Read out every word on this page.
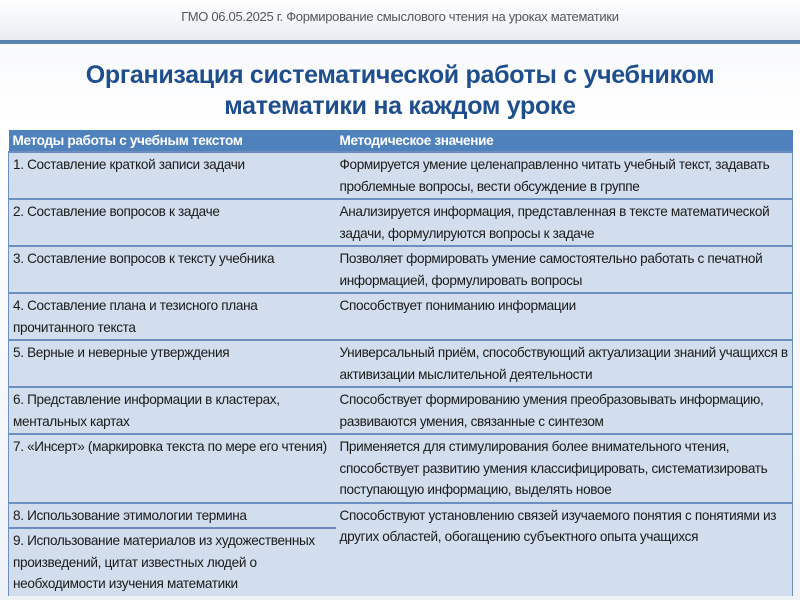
ГМО 06.05.2025 г. Формирование смыслового чтения на уроках математики
Организация систематической работы с учебником
математики на каждом уроке
Методы работы с учебным текстом	Методическое значение
1. Составление краткой записи задачи	Формируется умение целенаправленно читать учебный текст, задавать проблемные вопросы, вести обсуждение в группе
2. Составление вопросов к задаче	Анализируется информация, представленная в тексте математической задачи, формулируются вопросы к задаче
3. Составление вопросов к тексту учебника	Позволяет формировать умение самостоятельно работать с печатной информацией, формулировать вопросы
4. Составление плана и тезисного плана прочитанного текста	Способствует пониманию информации
5. Верные и неверные утверждения	Универсальный приём, способствующий актуализации знаний учащихся в активизации мыслительной деятельности
6. Представление информации в кластерах, ментальных картах	Способствует формированию умения преобразовывать информацию, развиваются умения, связанные с синтезом
7. «Инсерт» (маркировка текста по мере его чтения)	Применяется для стимулирования более внимательного чтения, способствует развитию умения классифицировать, систематизировать поступающую информацию, выделять новое
8. Использование этимологии термина	Способствуют установлению связей изучаемого понятия с понятиями из других областей, обогащению субъектного опыта учащихся
9. Использование материалов из художественных произведений, цитат известных людей о необходимости изучения математики	
